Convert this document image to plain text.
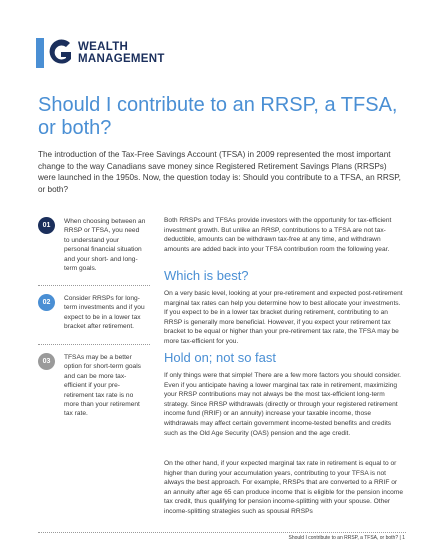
WEALTH
MANAGEMENT
Should I contribute to an RRSP, a TFSA, or both?

The introduction of the Tax-Free Savings Account (TFSA) in 2009 represented the most important change to the way Canadians save money since Registered Retirement Savings Plans (RRSPs) were launched in the 1950s. Now, the question today is: Should you contribute to a TFSA, an RRSP, or both?

01
When choosing between an RRSP or TFSA, you need to understand your personal financial situation and your short- and long-term goals.
02
Consider RRSPs for long-term investments and if you expect to be in a lower tax bracket after retirement.
03
TFSAs may be a better option for short-term goals and can be more tax-efficient if your pre-retirement tax rate is no more than your retirement tax rate.

Both RRSPs and TFSAs provide investors with the opportunity for tax-efficient investment growth. But unlike an RRSP, contributions to a TFSA are not tax-deductible, amounts can be withdrawn tax-free at any time, and withdrawn amounts are added back into your TFSA contribution room the following year.

Which is best?

On a very basic level, looking at your pre-retirement and expected post-retirement marginal tax rates can help you determine how to best allocate your investments. If you expect to be in a lower tax bracket during retirement, contributing to an RRSP is generally more beneficial. However, if you expect your retirement tax bracket to be equal or higher than your pre-retirement tax rate, the TFSA may be more tax-efficient for you.

Hold on; not so fast

If only things were that simple! There are a few more factors you should consider. Even if you anticipate having a lower marginal tax rate in retirement, maximizing your RRSP contributions may not always be the most tax-efficient long-term strategy. Since RRSP withdrawals (directly or through your registered retirement income fund (RRIF) or an annuity) increase your taxable income, those withdrawals may affect certain government income-tested benefits and credits such as the Old Age Security (OAS) pension and the age credit.

On the other hand, if your expected marginal tax rate in retirement is equal to or higher than during your accumulation years, contributing to your TFSA is not always the best approach. For example, RRSPs that are converted to a RRIF or an annuity after age 65 can produce income that is eligible for the pension income tax credit, thus qualifying for pension income-splitting with your spouse. Other income-splitting strategies such as spousal RRSPs

Should I contribute to an RRSP, a TFSA, or both? | 1
